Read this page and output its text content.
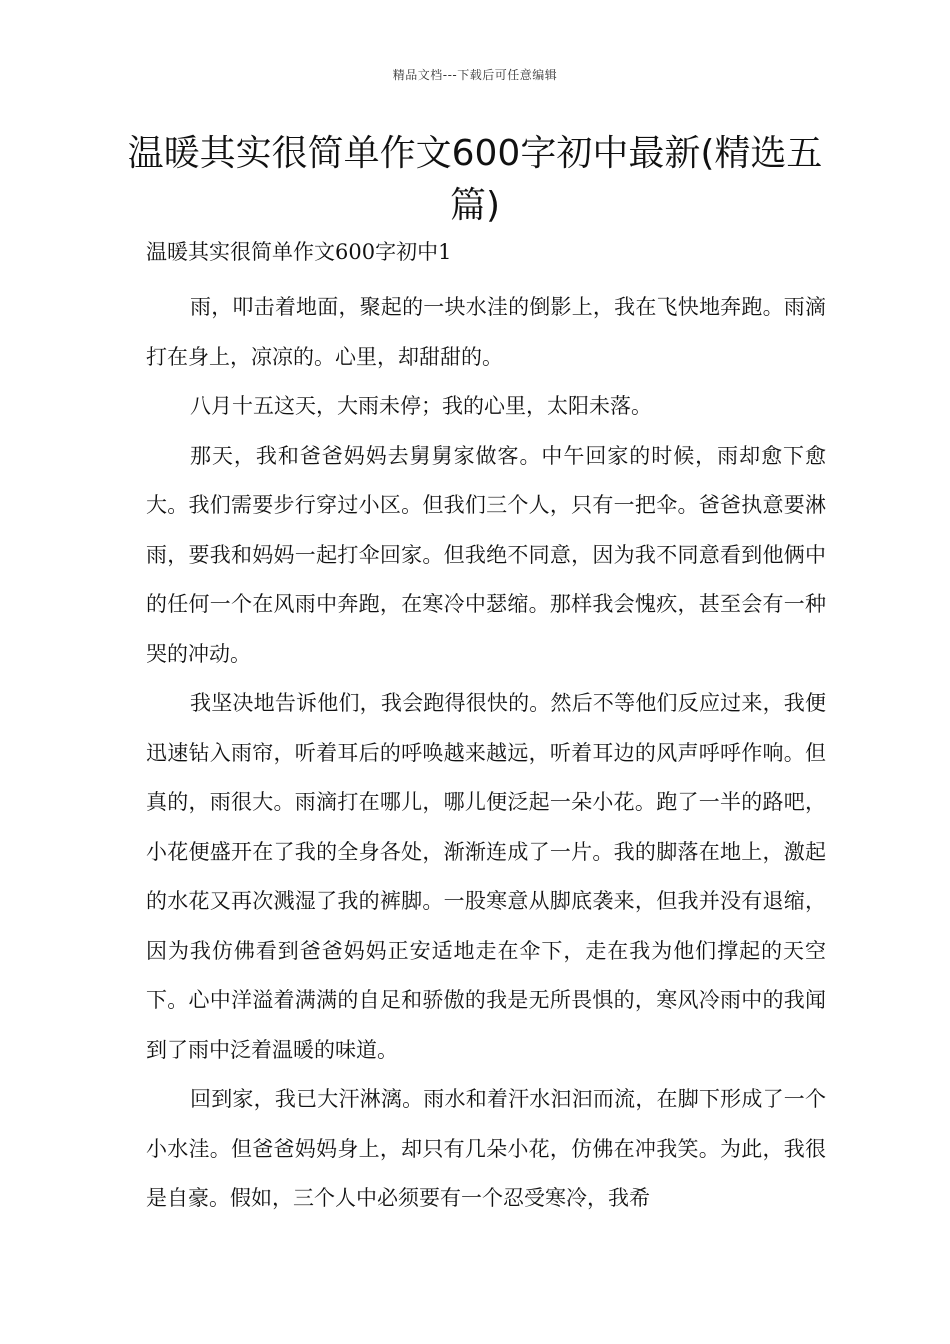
精品文档---下载后可任意编辑
温暖其实很简单作文600字初中最新(精选五篇)
温暖其实很简单作文600字初中1

雨，叩击着地面，聚起的一块水洼的倒影上，我在飞快地奔跑。雨滴打在身上，凉凉的。心里，却甜甜的。

八月十五这天，大雨未停；我的心里，太阳未落。

那天，我和爸爸妈妈去舅舅家做客。中午回家的时候，雨却愈下愈大。我们需要步行穿过小区。但我们三个人，只有一把伞。爸爸执意要淋雨，要我和妈妈一起打伞回家。但我绝不同意，因为我不同意看到他俩中的任何一个在风雨中奔跑，在寒冷中瑟缩。那样我会愧疚，甚至会有一种哭的冲动。

我坚决地告诉他们，我会跑得很快的。然后不等他们反应过来，我便迅速钻入雨帘，听着耳后的呼唤越来越远，听着耳边的风声呼呼作响。但真的，雨很大。雨滴打在哪儿，哪儿便泛起一朵小花。跑了一半的路吧，小花便盛开在了我的全身各处，渐渐连成了一片。我的脚落在地上，激起的水花又再次溅湿了我的裤脚。一股寒意从脚底袭来，但我并没有退缩，因为我仿佛看到爸爸妈妈正安适地走在伞下，走在我为他们撑起的天空下。心中洋溢着满满的自足和骄傲的我是无所畏惧的，寒风冷雨中的我闻到了雨中泛着温暖的味道。

回到家，我已大汗淋漓。雨水和着汗水汩汩而流，在脚下形成了一个小水洼。但爸爸妈妈身上，却只有几朵小花，仿佛在冲我笑。为此，我很是自豪。假如，三个人中必须要有一个忍受寒冷，我希
